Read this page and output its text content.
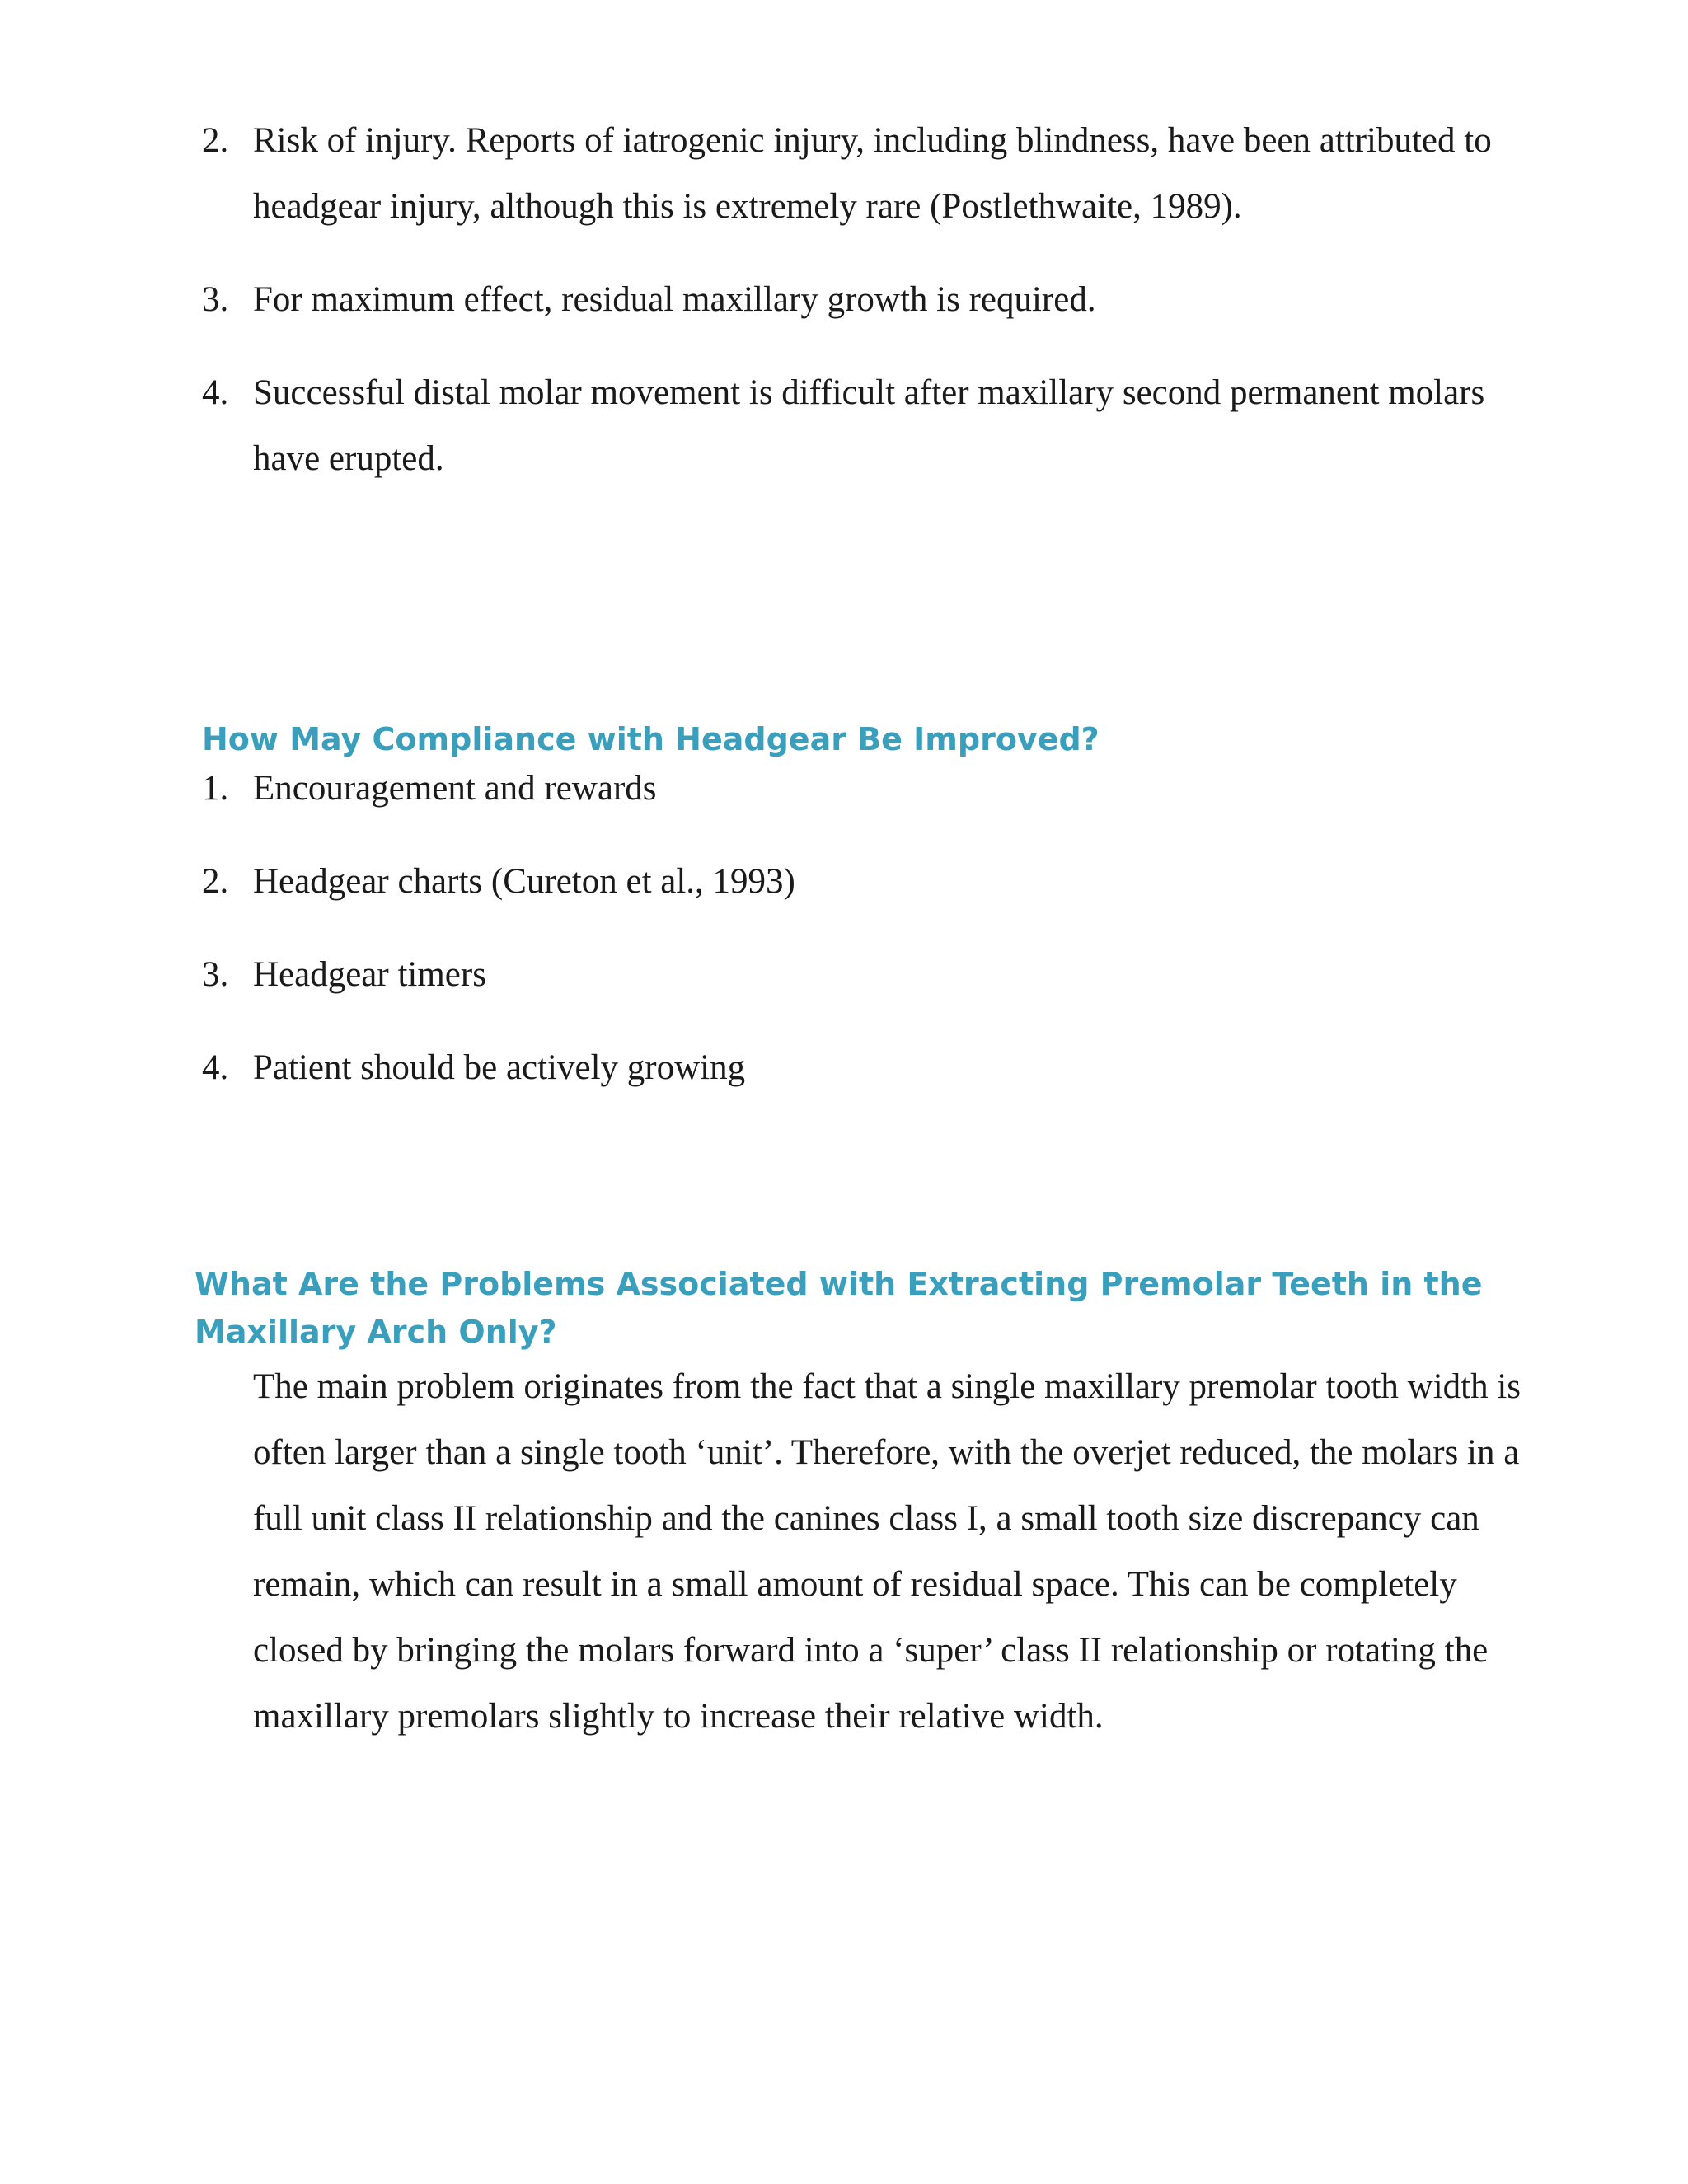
2. Risk of injury. Reports of iatrogenic injury, including blindness, have been attributed to headgear injury, although this is extremely rare (Postlethwaite, 1989).
3. For maximum effect, residual maxillary growth is required.
4. Successful distal molar movement is difficult after maxillary second permanent molars have erupted.
How May Compliance with Headgear Be Improved?
1. Encouragement and rewards
2. Headgear charts (Cureton et al., 1993)
3. Headgear timers
4. Patient should be actively growing
What Are the Problems Associated with Extracting Premolar Teeth in the
Maxillary Arch Only?

The main problem originates from the fact that a single maxillary premolar tooth width is often larger than a single tooth ‘unit’. Therefore, with the overjet reduced, the molars in a full unit class II relationship and the canines class I, a small tooth size discrepancy can remain, which can result in a small amount of residual space. This can be completely closed by bringing the molars forward into a ‘super’ class II relationship or rotating the maxillary premolars slightly to increase their relative width.
